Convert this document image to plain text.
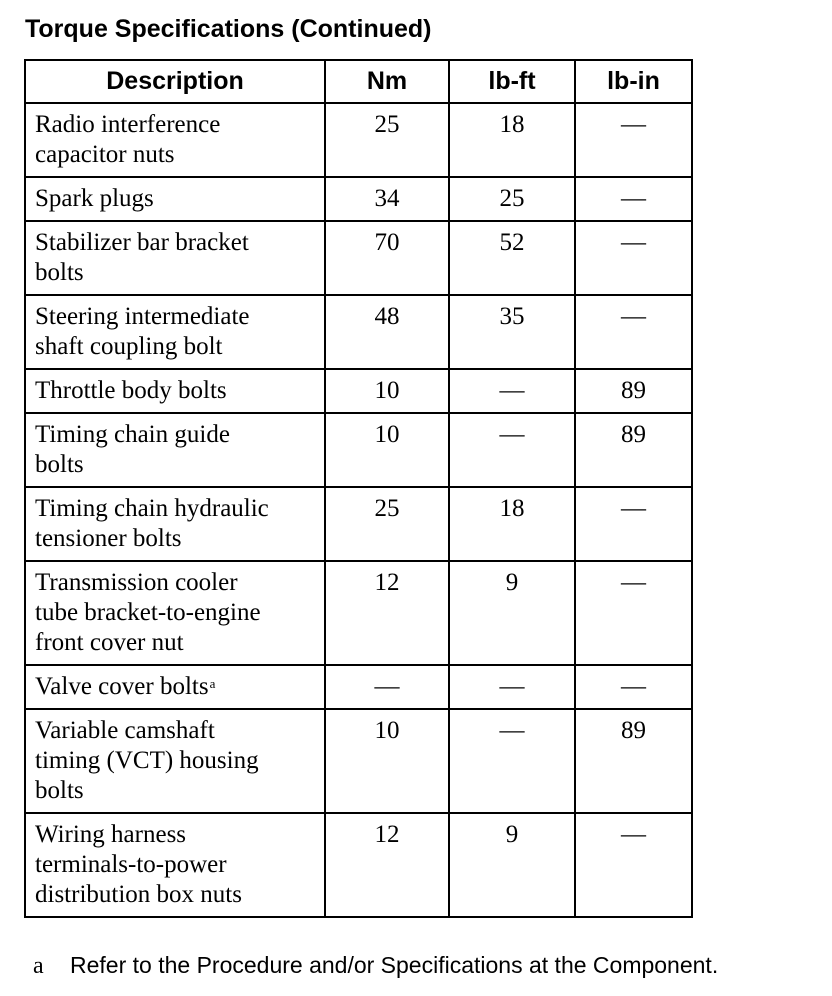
Torque Specifications (Continued)
Description	Nm	lb-ft	lb-in

Radio interference
capacitor nuts	25	18	—

Spark plugs	34	25	—

Stabilizer bar bracket
bolts	70	52	—

Steering intermediate
shaft coupling bolt	48	35	—

Throttle body bolts	10	—	89

Timing chain guide
bolts	10	—	89

Timing chain hydraulic
tensioner bolts	25	18	—

Transmission cooler
tube bracket-to-engine
front cover nut	12	9	—

Valve cover bolts$^a$	—	—	—

Variable camshaft
timing (VCT) housing
bolts	10	—	89

Wiring harness
terminals-to-power
distribution box nuts	12	9	—
a Refer to the Procedure and/or Specifications at the Component.
